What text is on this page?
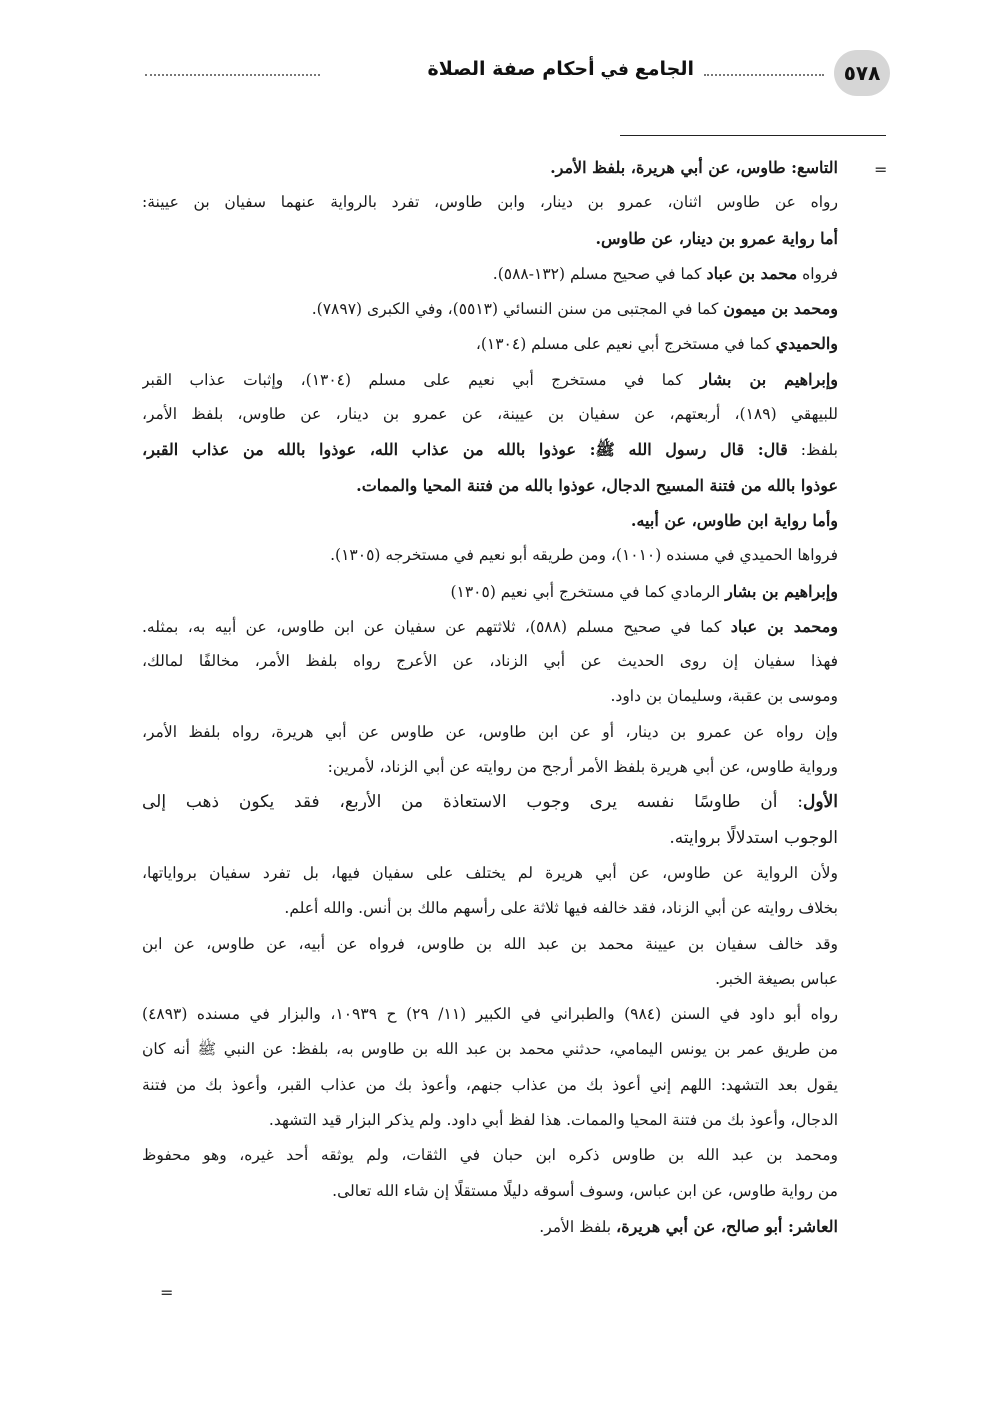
٥٧٨
الجامع ﻓﻲ أحكام صفة الصلاة
=
=
التاسع: طاوس، عن أبي هريرة، بلفظ الأمر.
رواه عن طاوس اثنان، عمرو بن دينار، وابن طاوس، تفرد بالرواية عنهما سفيان بن عيينة:
أما رواية عمرو بن دينار، عن طاوس.
فرواه محمد بن عباد كما في صحيح مسلم (١٣٢-٥٨٨).
ومحمد بن ميمون كما في المجتبى من سنن النسائي (٥٥١٣)، وفي الكبرى (٧٨٩٧).
والحميدي كما في مستخرج أبي نعيم على مسلم (١٣٠٤)،
وإبراهيم بن بشار كما في مستخرج أبي نعيم على مسلم (١٣٠٤)، وإثبات عذاب القبر
للبيهقي (١٨٩)، أربعتهم، عن سفيان بن عيينة، عن عمرو بن دينار، عن طاوس، بلفظ الأمر،
بلفظ: قال: قال رسول الله ﷺ: عوذوا بالله من عذاب الله، عوذوا بالله من عذاب القبر،
عوذوا بالله من فتنة المسيح الدجال، عوذوا بالله من فتنة المحيا والممات.
وأما رواية ابن طاوس، عن أبيه.
فرواها الحميدي في مسنده (١٠١٠)، ومن طريقه أبو نعيم في مستخرجه (١٣٠٥).
وإبراهيم بن بشار الرمادي كما في مستخرج أبي نعيم (١٣٠٥)
ومحمد بن عباد كما في صحيح مسلم (٥٨٨)، ثلاثتهم عن سفيان عن ابن طاوس، عن أبيه به، بمثله.
فهذا سفيان إن روى الحديث عن أبي الزناد، عن الأعرج رواه بلفظ الأمر، مخالفًا لمالك،
وموسى بن عقبة، وسليمان بن داود.
وإن رواه عن عمرو بن دينار، أو عن ابن طاوس، عن طاوس عن أبي هريرة، رواه بلفظ الأمر،
ورواية طاوس، عن أبي هريرة بلفظ الأمر أرجح من روايته عن أبي الزناد، لأمرين:
الأول: أن طاوسًا نفسه يرى وجوب الاستعاذة من الأربع، فقد يكون ذهب إلى
الوجوب استدلالًا بروايته.
ولأن الرواية عن طاوس، عن أبي هريرة لم يختلف على سفيان فيها، بل تفرد سفيان برواياتها،
بخلاف روايته عن أبي الزناد، فقد خالفه فيها ثلاثة على رأسهم مالك بن أنس. والله أعلم.
وقد خالف سفيان بن عيينة محمد بن عبد الله بن طاوس، فرواه عن أبيه، عن طاوس، عن ابن
عباس بصيغة الخبر.
رواه أبو داود في السنن (٩٨٤) والطبراني في الكبير (١١/ ٢٩) ح ١٠٩٣٩، والبزار في مسنده (٤٨٩٣)
من طريق عمر بن يونس اليمامي، حدثني محمد بن عبد الله بن طاوس به، بلفظ: عن النبي ﷺ أنه كان
يقول بعد التشهد: اللهم إني أعوذ بك من عذاب جنهم، وأعوذ بك من عذاب القبر، وأعوذ بك من فتنة
الدجال، وأعوذ بك من فتنة المحيا والممات. هذا لفظ أبي داود. ولم يذكر البزار قيد التشهد.
ومحمد بن عبد الله بن طاوس ذكره ابن حبان في الثقات، ولم يوثقه أحد غيره، وهو محفوظ
من رواية طاوس، عن ابن عباس، وسوف أسوقه دليلًا مستقلًا إن شاء الله تعالى.
العاشر: أبو صالح، عن أبي هريرة، بلفظ الأمر.
